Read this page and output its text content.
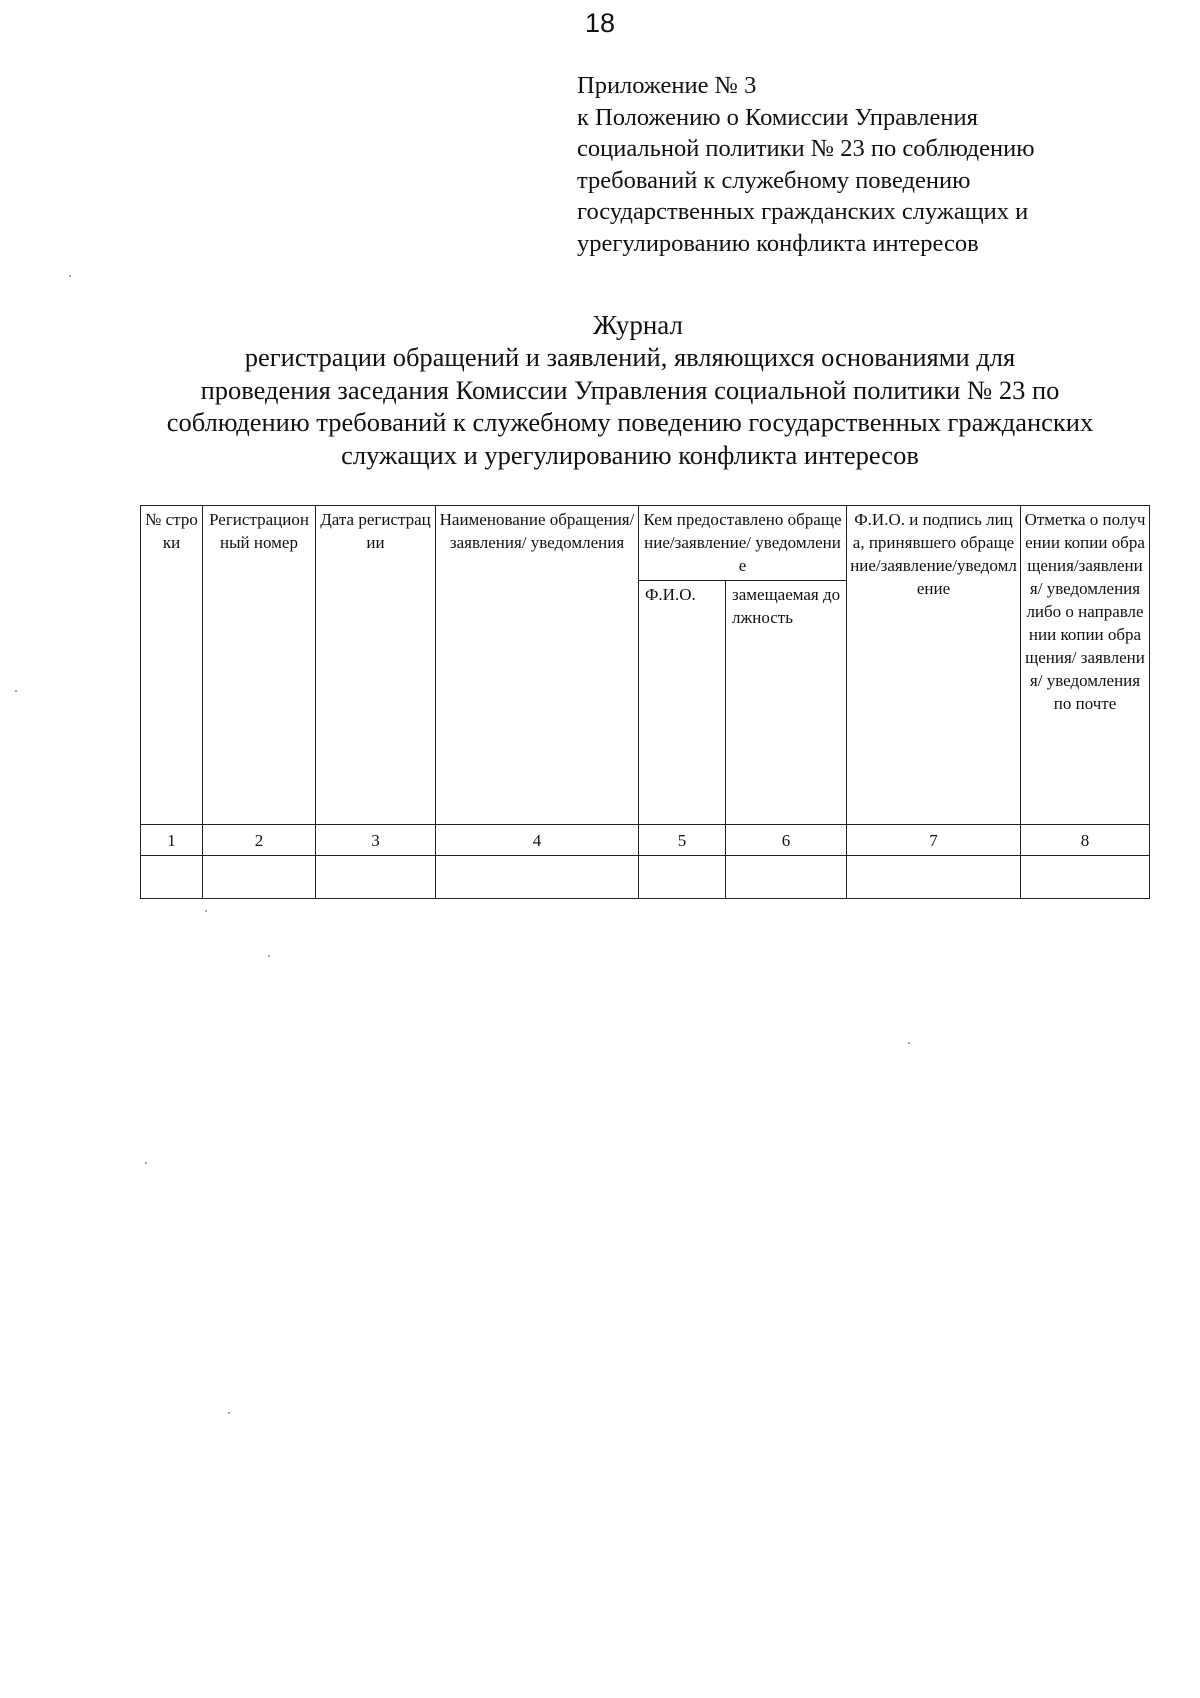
18
Приложение № 3
к Положению о Комиссии Управления
социальной политики № 23 по соблюдению
требований к служебному поведению
государственных гражданских служащих и
урегулированию конфликта интересов
Журнал
регистрации обращений и заявлений, являющихся основаниями для
проведения заседания Комиссии Управления социальной политики № 23 по
соблюдению требований к служебному поведению государственных гражданских
служащих и урегулированию конфликта интересов
№ строки	Регистрационный номер	Дата регистрации	Наименование обращения/заявления/ уведомления	Кем предоставлено обращение/заявление/ уведомление		Ф.И.О. и подпись лица, принявшего обращение/заявление/уведомление	Отметка о получении копии обращения/заявления/ уведомления либо о направлении копии обращения/ заявления/ уведомления по почте
				Ф.И.О.	замещаемая должность		
1	2	3	4	5	6	7	8
